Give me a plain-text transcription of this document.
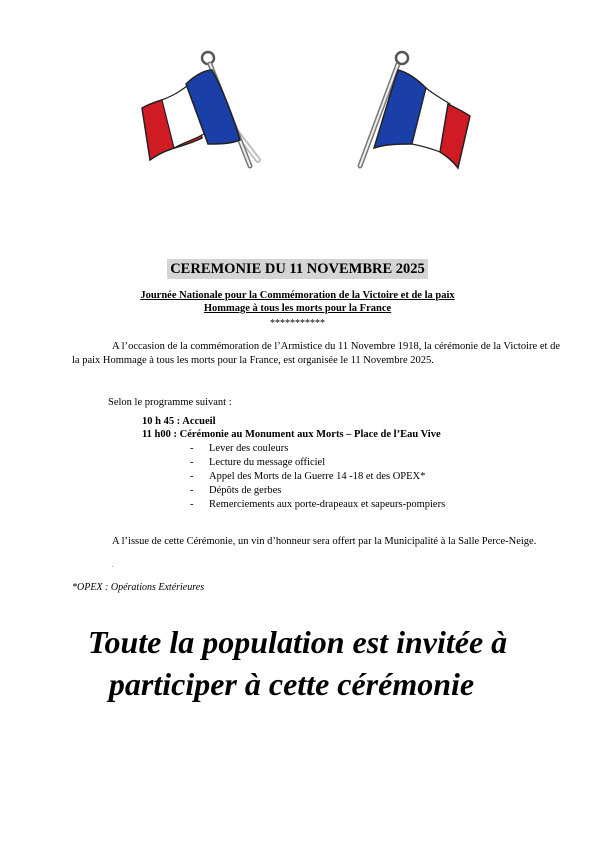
CEREMONIE DU 11 NOVEMBRE 2025
Journée Nationale pour la Commémoration de la Victoire et de la paix
Hommage à tous les morts pour la France
***********
A l’occasion de la commémoration de l’Armistice du 11 Novembre 1918, la cérémonie de la Victoire et de la paix Hommage à tous les morts pour la France, est organisée le 11 Novembre 2025.
Selon le programme suivant :
10 h 45 : Accueil
11 h00 : Cérémonie au Monument aux Morts – Place de l’Eau Vive
- Lever des couleurs
- Lecture du message officiel
- Appel des Morts de la Guerre 14 -18 et des OPEX*
- Dépôts de gerbes
- Remerciements aux porte-drapeaux et sapeurs-pompiers
A l’issue de cette Cérémonie, un vin d’honneur sera offert par la Municipalité à la Salle Perce-Neige.
.
*OPEX : Opérations Extérieures
Toute la population est invitée à
participer à cette cérémonie
